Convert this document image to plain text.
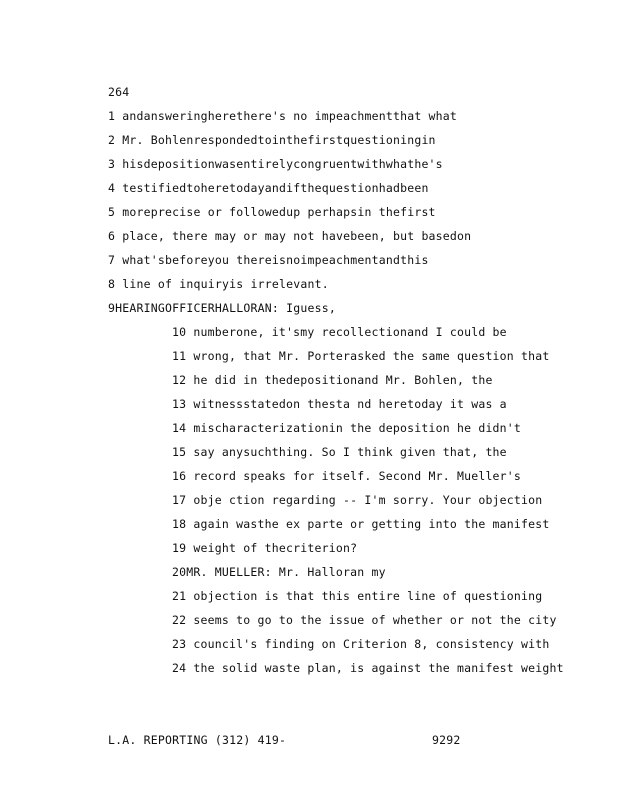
264
1 andansweringherethere's no impeachmentthat what
2 Mr. Bohlenrespondedtointhefirstquestioningin
3 hisdepositionwasentirelycongruentwithwhathe's
4 testifiedtoheretodayandifthequestionhadbeen
5 moreprecise or followedup perhapsin thefirst
6 place, there may or may not havebeen, but basedon
7 what'sbeforeyou thereisnoimpeachmentandthis
8 line of inquiryis irrelevant.
9HEARINGOFFICERHALLORAN: Iguess,
10 numberone, it'smy recollectionand I could be
11 wrong, that Mr. Porterasked the same question that
12 he did in thedepositionand Mr. Bohlen, the
13 witnessstatedon thesta nd heretoday it was a
14 mischaracterizationin the deposition he didn't
15 say anysuchthing. So I think given that, the
16 record speaks for itself. Second Mr. Mueller's
17 obje ction regarding -- I'm sorry. Your objection
18 again wasthe ex parte or getting into the manifest
19 weight of thecriterion?
20MR. MUELLER: Mr. Halloran my
21 objection is that this entire line of questioning
22 seems to go to the issue of whether or not the city
23 council's finding on Criterion 8, consistency with
24 the solid waste plan, is against the manifest weight
L.A. REPORTING (312) 419-	9292
